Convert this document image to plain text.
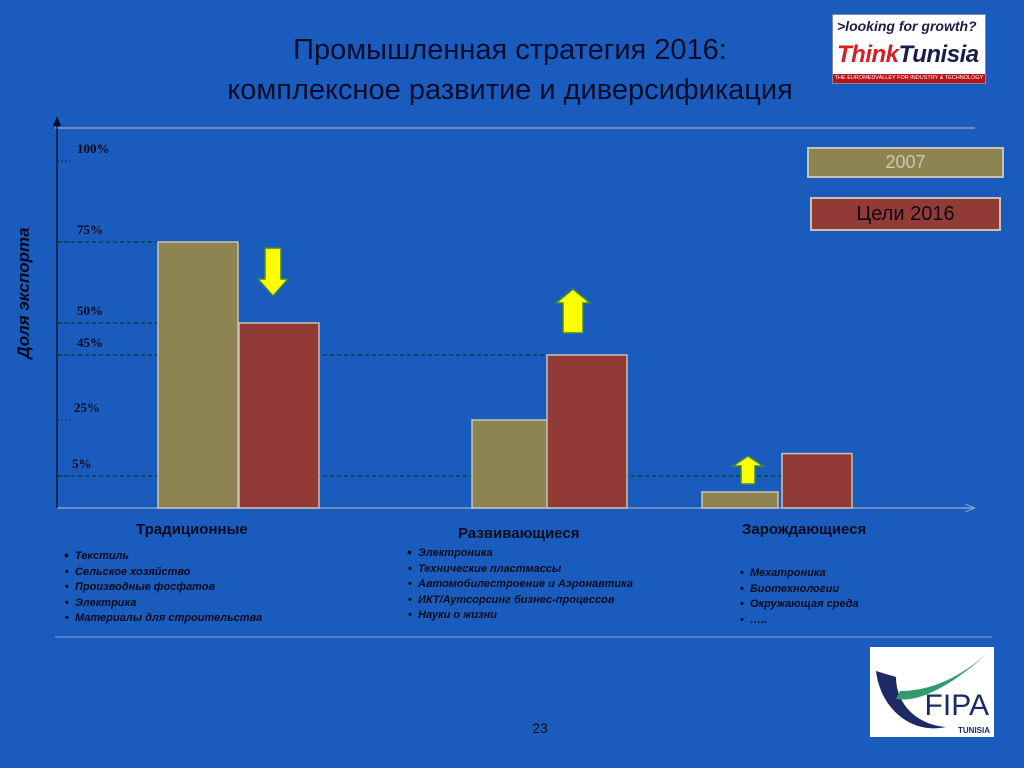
Промышленная стратегия 2016:
комплексное развитие и диверсификация
>looking for growth?
ThinkTunisia
THE EUROMEDVALLEY FOR INDUSTRY & TECHNOLOGY
Доля экспорта
100%
75%
50%
45%
25%
5%
2007
Цели 2016
Традиционные	Развивающиеся	Зарождающиеся
• Текстиль
• Сельское хозяйство
• Производные фосфатов
• Электрика
• Материалы для строительства
• Электроника
• Технические пластмассы
• Автомобилестроение и Аэронавтика
• ИКТ/Аутсорсинг бизнес-процессов
• Науки о жизни
• Мехатроника
• Биотехнологии
• Окружающая среда
• …..
FIPA
TUNISIA
23
